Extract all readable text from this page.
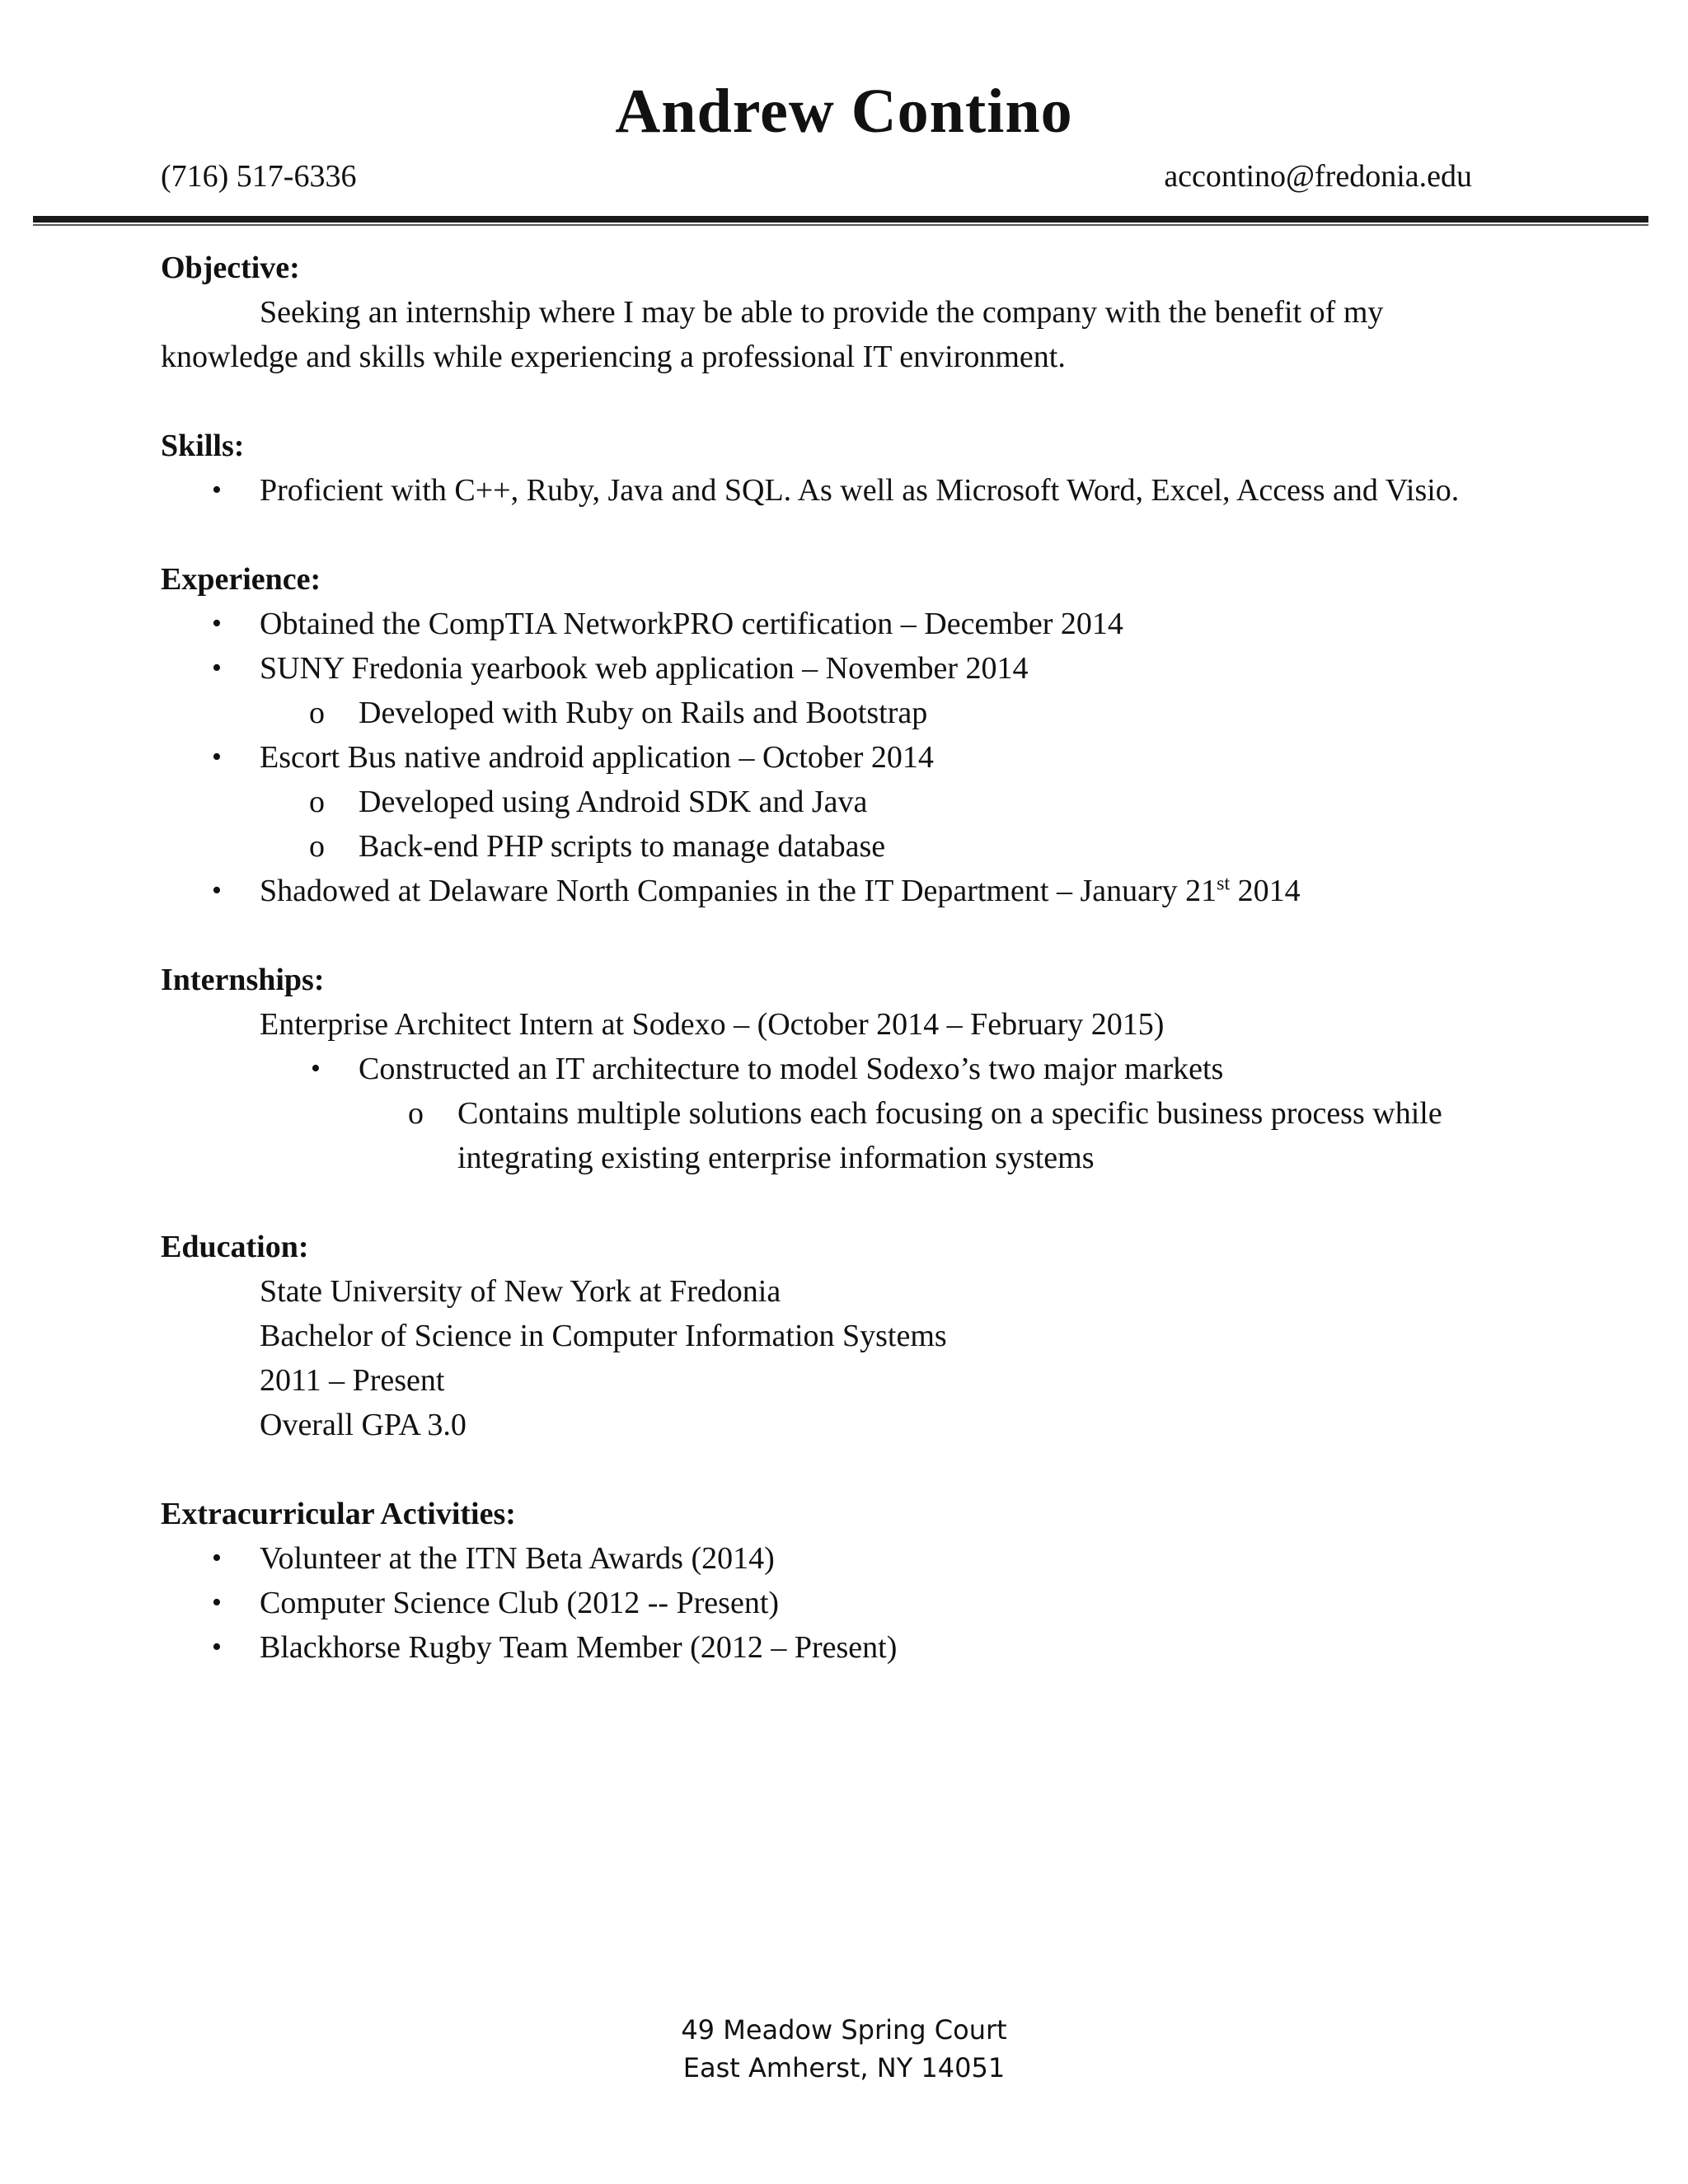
Andrew Contino
(716) 517-6336	accontino@fredonia.edu

Objective:

Seeking an internship where I may be able to provide the company with the benefit of my knowledge and skills while experiencing a professional IT environment.

Skills:

• Proficient with C++, Ruby, Java and SQL. As well as Microsoft Word, Excel, Access and Visio.

Experience:

• Obtained the CompTIA NetworkPRO certification – December 2014
• SUNY Fredonia yearbook web application – November 2014
o Developed with Ruby on Rails and Bootstrap
• Escort Bus native android application – October 2014
o Developed using Android SDK and Java
o Back-end PHP scripts to manage database
• Shadowed at Delaware North Companies in the IT Department – January 21st 2014

Internships:

Enterprise Architect Intern at Sodexo – (October 2014 – February 2015)

• Constructed an IT architecture to model Sodexo’s two major markets
o Contains multiple solutions each focusing on a specific business process while integrating existing enterprise information systems

Education:

State University of New York at Fredonia

Bachelor of Science in Computer Information Systems

2011 – Present

Overall GPA 3.0

Extracurricular Activities:

• Volunteer at the ITN Beta Awards (2014)
• Computer Science Club (2012 -- Present)
• Blackhorse Rugby Team Member (2012 – Present)
49 Meadow Spring Court
East Amherst, NY 14051
